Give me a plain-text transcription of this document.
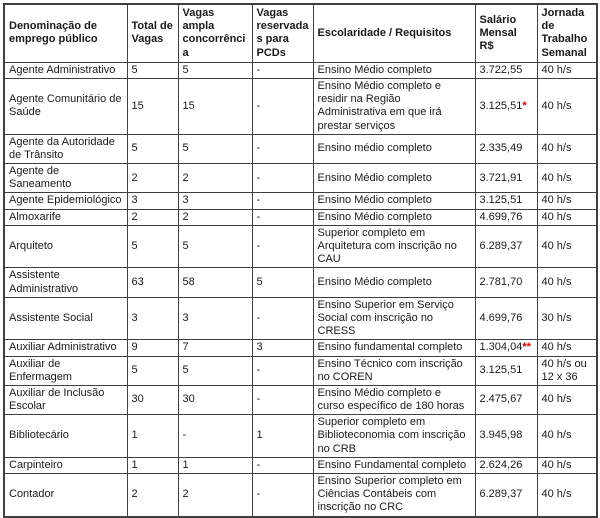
Denominação de emprego público	Total de Vagas	Vagas ampla concorrência	Vagas reservadas para PCDs	Escolaridade / Requisitos	Salário Mensal R$	Jornada de Trabalho Semanal
Agente Administrativo	5	5	-	Ensino Médio completo	3.722,55	40 h/s
Agente Comunitário de Saúde	15	15	-	Ensino Médio completo e residir na Região Administrativa em que irá prestar serviços	3.125,51*	40 h/s
Agente da Autoridade de Trânsito	5	5	-	Ensino médio completo	2.335,49	40 h/s
Agente de Saneamento	2	2	-	Ensino Médio completo	3.721,91	40 h/s
Agente Epidemiológico	3	3	-	Ensino Médio completo	3.125,51	40 h/s
Almoxarife	2	2	-	Ensino Médio completo	4.699,76	40 h/s
Arquiteto	5	5	-	Superior completo em Arquitetura com inscrição no CAU	6.289,37	40 h/s
Assistente Administrativo	63	58	5	Ensino Médio completo	2.781,70	40 h/s
Assistente Social	3	3	-	Ensino Superior em Serviço Social com inscrição no CRESS	4.699,76	30 h/s
Auxiliar Administrativo	9	7	3	Ensino fundamental completo	1.304,04**	40 h/s
Auxiliar de Enfermagem	5	5	-	Ensino Técnico com inscrição no COREN	3.125,51	40 h/s ou 12 x 36
Auxiliar de Inclusão Escolar	30	30	-	Ensino Médio completo e curso específico de 180 horas	2.475,67	40 h/s
Bibliotecário	1	-	1	Superior completo em Biblioteconomia com inscrição no CRB	3.945,98	40 h/s
Carpinteiro	1	1	-	Ensino Fundamental completo	2.624,26	40 h/s
Contador	2	2	-	Ensino Superior completo em Ciências Contábeis com inscrição no CRC	6.289,37	40 h/s
